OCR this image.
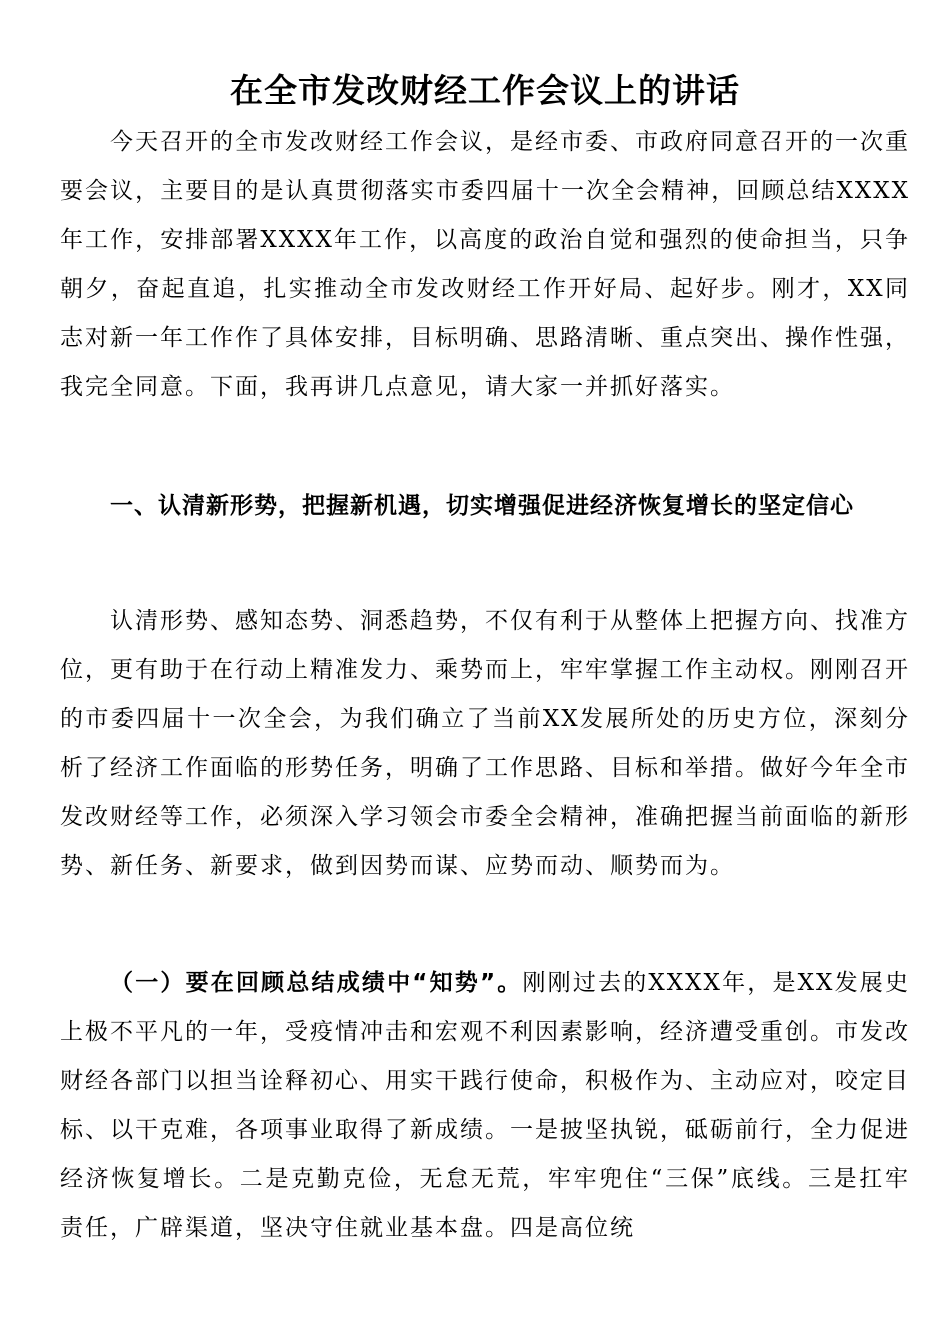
在全市发改财经工作会议上的讲话

今天召开的全市发改财经工作会议，是经市委、市政府同意召开的一次重要会议，主要目的是认真贯彻落实市委四届十一次全会精神，回顾总结XXXX年工作，安排部署XXXX年工作，以高度的政治自觉和强烈的使命担当，只争朝夕，奋起直追，扎实推动全市发改财经工作开好局、起好步。刚才，XX同志对新一年工作作了具体安排，目标明确、思路清晰、重点突出、操作性强，我完全同意。下面，我再讲几点意见，请大家一并抓好落实。

一、认清新形势，把握新机遇，切实增强促进经济恢复增长的坚定信心

认清形势、感知态势、洞悉趋势，不仅有利于从整体上把握方向、找准方位，更有助于在行动上精准发力、乘势而上，牢牢掌握工作主动权。刚刚召开的市委四届十一次全会，为我们确立了当前XX发展所处的历史方位，深刻分析了经济工作面临的形势任务，明确了工作思路、目标和举措。做好今年全市发改财经等工作，必须深入学习领会市委全会精神，准确把握当前面临的新形势、新任务、新要求，做到因势而谋、应势而动、顺势而为。

（一）要在回顾总结成绩中“知势”。刚刚过去的XXXX年，是XX发展史上极不平凡的一年，受疫情冲击和宏观不利因素影响，经济遭受重创。市发改财经各部门以担当诠释初心、用实干践行使命，积极作为、主动应对，咬定目标、以干克难，各项事业取得了新成绩。一是披坚执锐，砥砺前行，全力促进经济恢复增长。二是克勤克俭，无怠无荒，牢牢兜住“三保”底线。三是扛牢责任，广辟渠道，坚决守住就业基本盘。四是高位统
